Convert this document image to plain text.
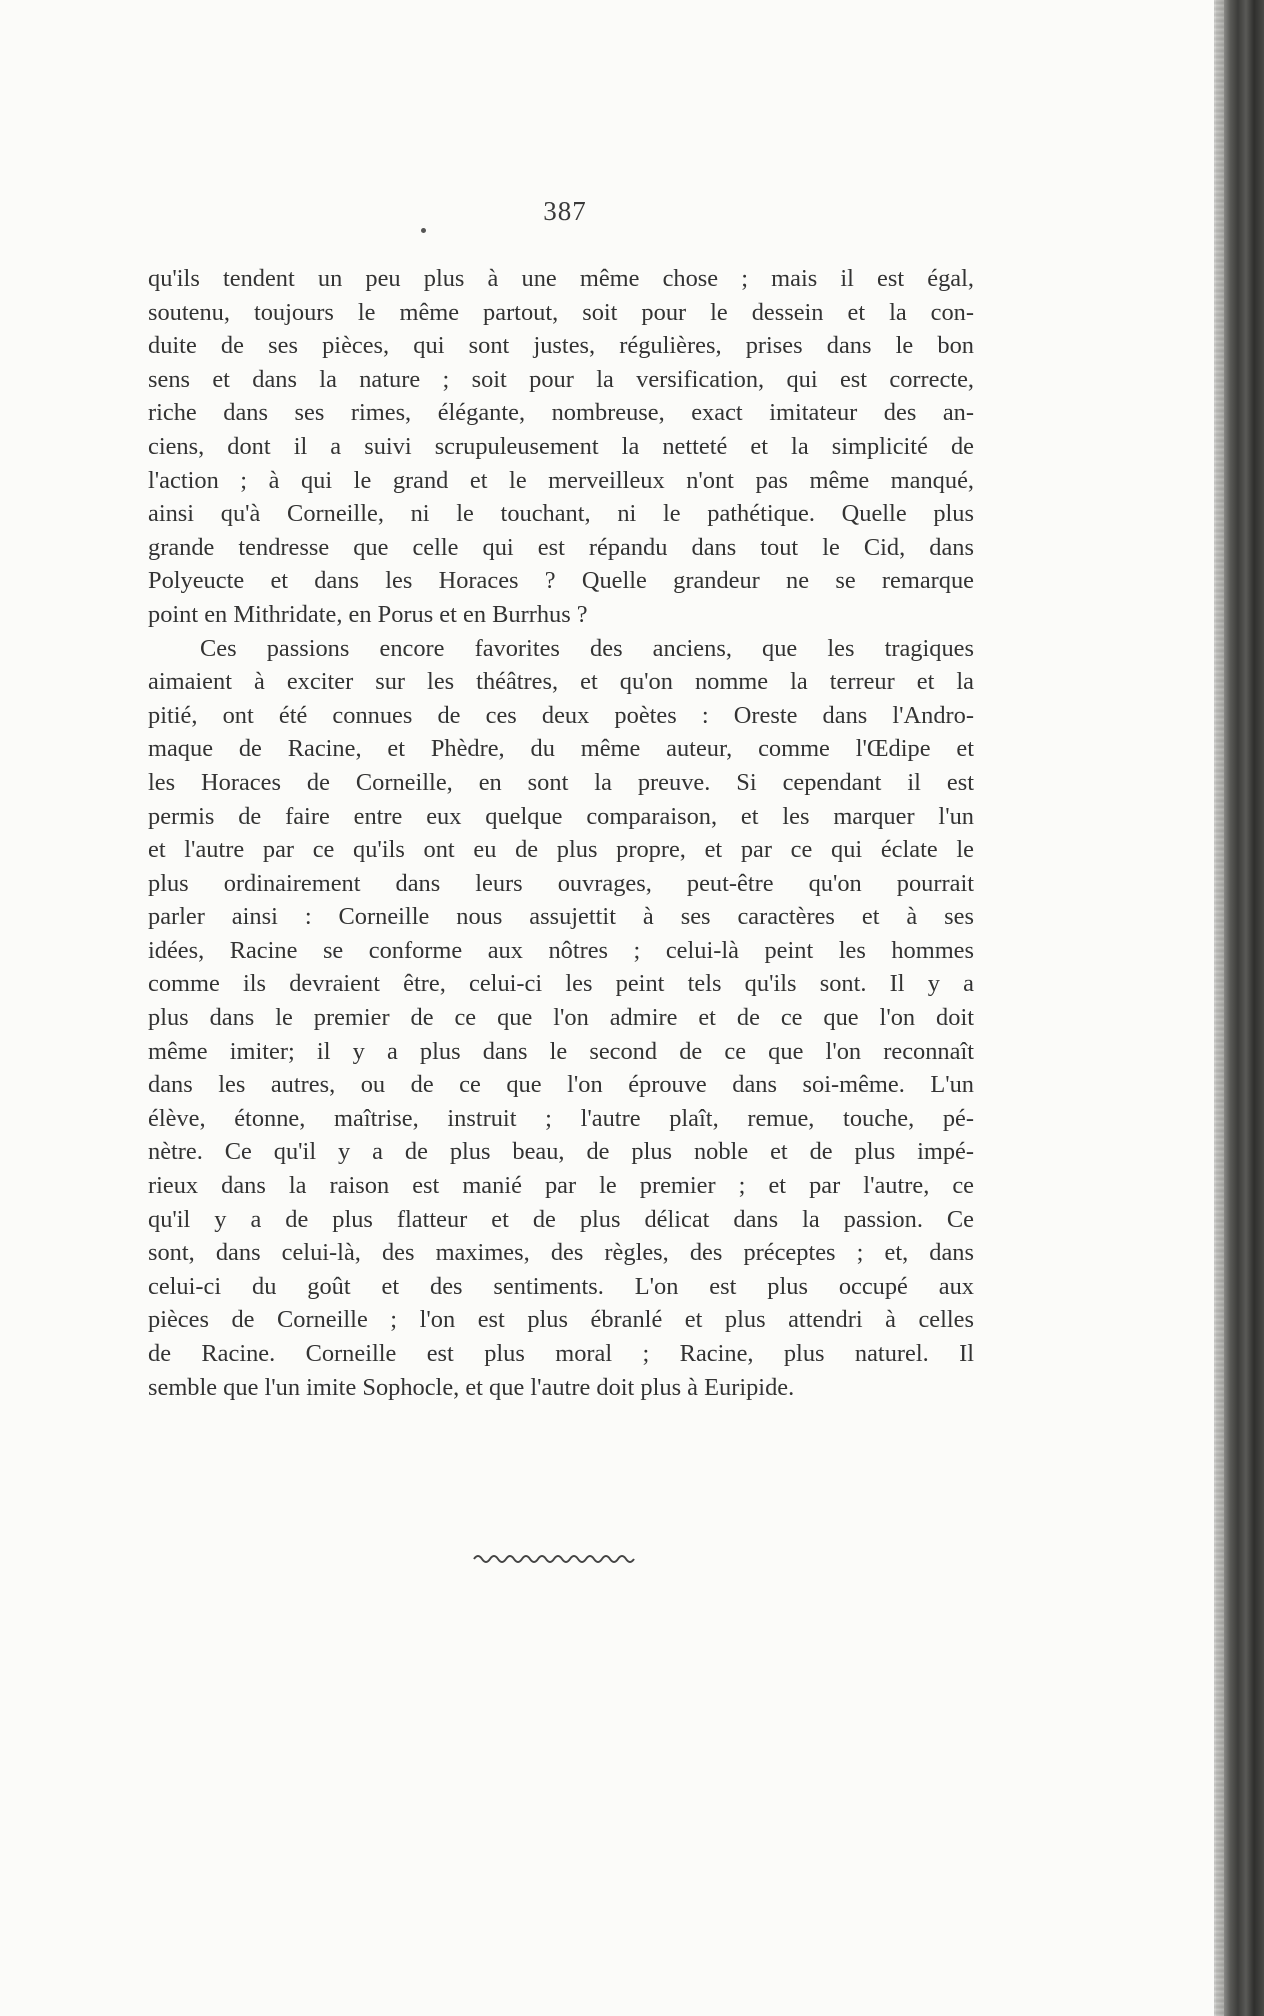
387
qu'ils tendent un peu plus à une même chose ; mais il est égal,
soutenu, toujours le même partout, soit pour le dessein et la con-
duite de ses pièces, qui sont justes, régulières, prises dans le bon
sens et dans la nature ; soit pour la versification, qui est correcte,
riche dans ses rimes, élégante, nombreuse, exact imitateur des an-
ciens, dont il a suivi scrupuleusement la netteté et la simplicité de
l'action ; à qui le grand et le merveilleux n'ont pas même manqué,
ainsi qu'à Corneille, ni le touchant, ni le pathétique. Quelle plus
grande tendresse que celle qui est répandu dans tout le Cid, dans
Polyeucte et dans les Horaces ? Quelle grandeur ne se remarque
point en Mithridate, en Porus et en Burrhus ?
Ces passions encore favorites des anciens, que les tragiques
aimaient à exciter sur les théâtres, et qu'on nomme la terreur et la
pitié, ont été connues de ces deux poètes : Oreste dans l'Andro-
maque de Racine, et Phèdre, du même auteur, comme l'Œdipe et
les Horaces de Corneille, en sont la preuve. Si cependant il est
permis de faire entre eux quelque comparaison, et les marquer l'un
et l'autre par ce qu'ils ont eu de plus propre, et par ce qui éclate le
plus ordinairement dans leurs ouvrages, peut-être qu'on pourrait
parler ainsi : Corneille nous assujettit à ses caractères et à ses
idées, Racine se conforme aux nôtres ; celui-là peint les hommes
comme ils devraient être, celui-ci les peint tels qu'ils sont. Il y a
plus dans le premier de ce que l'on admire et de ce que l'on doit
même imiter; il y a plus dans le second de ce que l'on reconnaît
dans les autres, ou de ce que l'on éprouve dans soi-même. L'un
élève, étonne, maîtrise, instruit ; l'autre plaît, remue, touche, pé-
nètre. Ce qu'il y a de plus beau, de plus noble et de plus impé-
rieux dans la raison est manié par le premier ; et par l'autre, ce
qu'il y a de plus flatteur et de plus délicat dans la passion. Ce
sont, dans celui-là, des maximes, des règles, des préceptes ; et, dans
celui-ci du goût et des sentiments. L'on est plus occupé aux
pièces de Corneille ; l'on est plus ébranlé et plus attendri à celles
de Racine. Corneille est plus moral ; Racine, plus naturel. Il
semble que l'un imite Sophocle, et que l'autre doit plus à Euripide.
